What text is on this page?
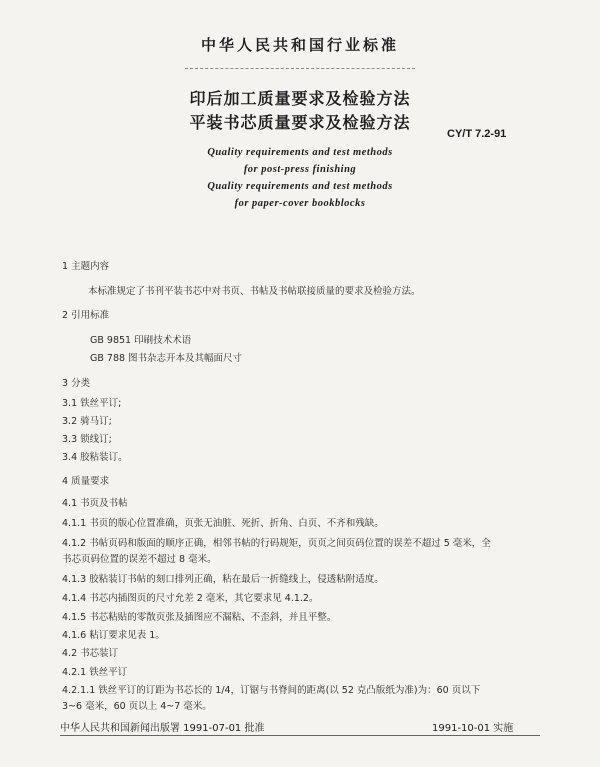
中华人民共和国行业标准
印后加工质量要求及检验方法
平装书芯质量要求及检验方法
CY/T 7.2-91
Quality requirements and test methods
for post-press finishing
Quality requirements and test methods
for paper-cover bookblocks
1 主题内容
本标准规定了书刊平装书芯中对书页、书帖及书帖联接质量的要求及检验方法。
2 引用标准
GB 9851 印刷技术术语
GB 788 图书杂志开本及其幅面尺寸
3 分类
3.1 铁丝平订;
3.2 骑马订;
3.3 锁线订;
3.4 胶粘装订。
4 质量要求
4.1 书页及书帖
4.1.1 书页的版心位置准确，页张无油脏、死折、折角、白页、不齐和残缺。
4.1.2 书帖页码和版面的顺序正确，相邻书帖的行码规矩，页页之间页码位置的误差不超过 5 毫米，全
书芯页码位置的误差不超过 8 毫米。
4.1.3 胶粘装订书帖的刻口排列正确，粘在最后一折缝线上，侵透粘附适度。
4.1.4 书芯内插图页的尺寸允差 2 毫米，其它要求见 4.1.2。
4.1.5 书芯粘贴的零散页张及插图应不漏粘、不歪斜，并且平整。
4.1.6 粘订要求见表 1。
4.2 书芯装订
4.2.1 铁丝平订
4.2.1.1 铁丝平订的订距为书芯长的 1/4，订锯与书脊间的距离(以 52 克凸版纸为准)为：60 页以下
3~6 毫米，60 页以上 4~7 毫米。
中华人民共和国新闻出版署 1991-07-01 批准	1991-10-01 实施
